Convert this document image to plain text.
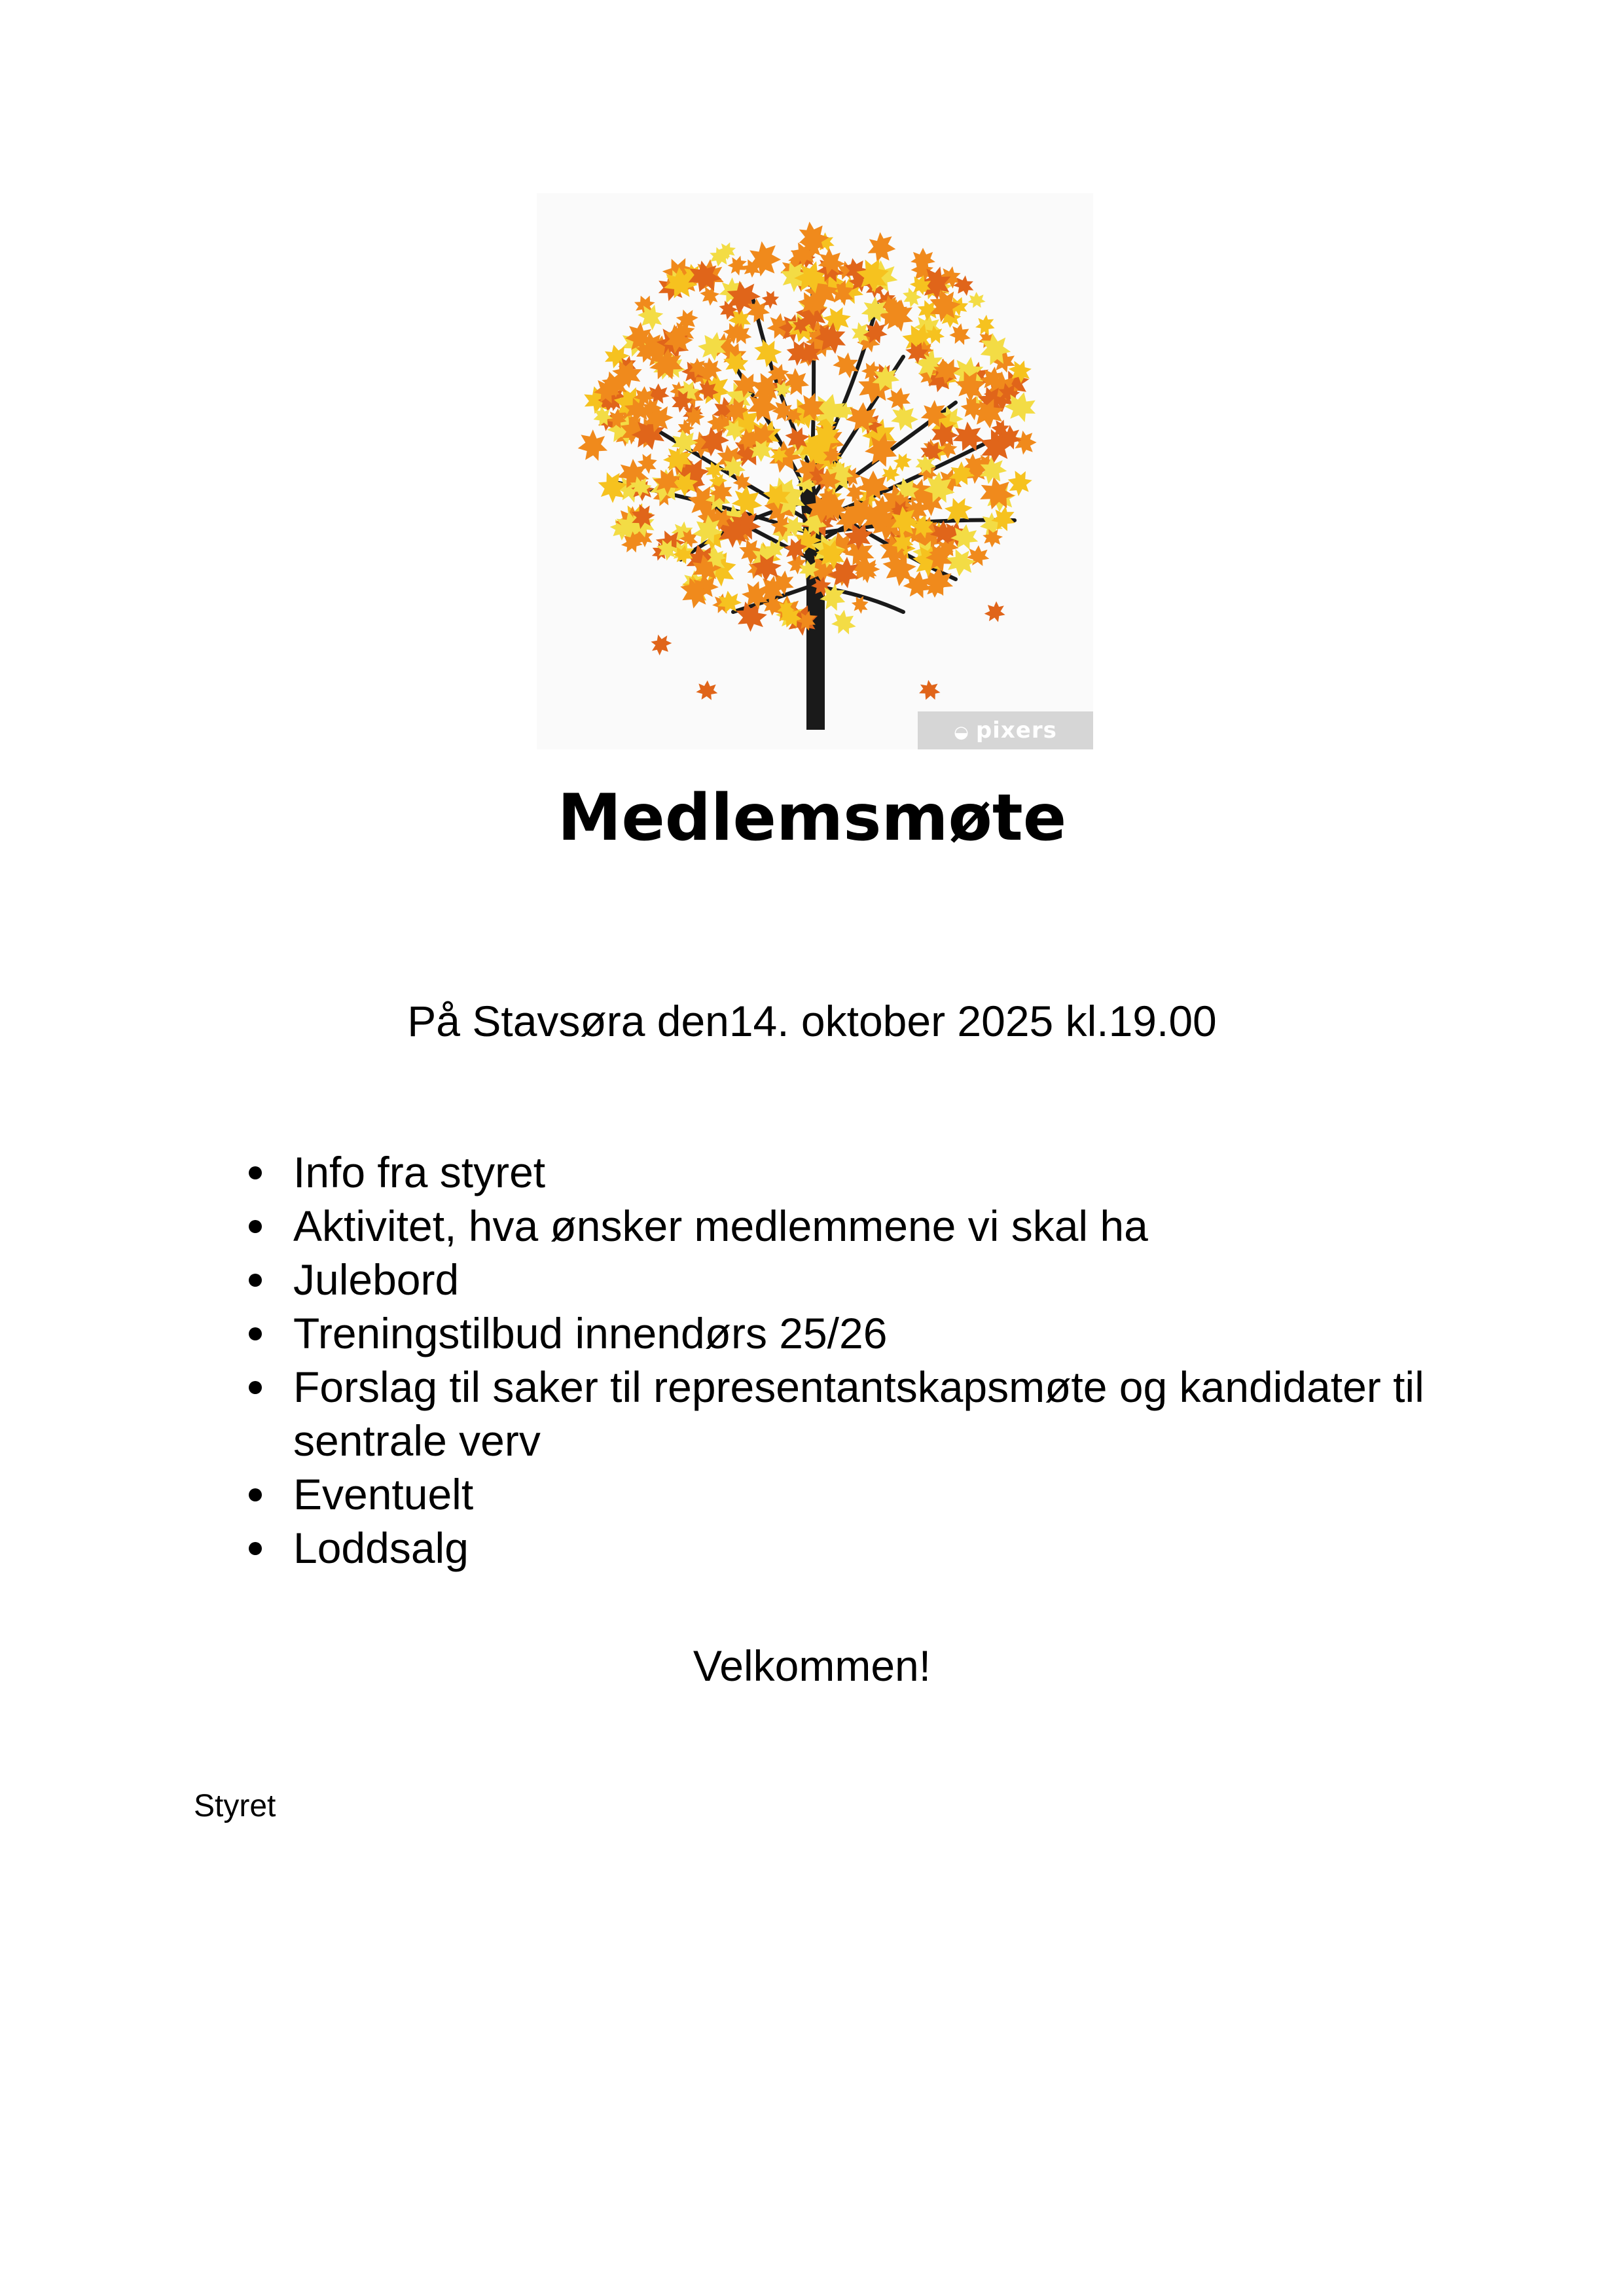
◒ pixers
Medlemsmøte
På Stavsøra den14. oktober 2025 kl.19.00
Info fra styret
Aktivitet, hva ønsker medlemmene vi skal ha
Julebord
Treningstilbud innendørs 25/26
Forslag til saker til representantskapsmøte og kandidater til sentrale verv
Eventuelt
Loddsalg
Velkommen!
Styret
